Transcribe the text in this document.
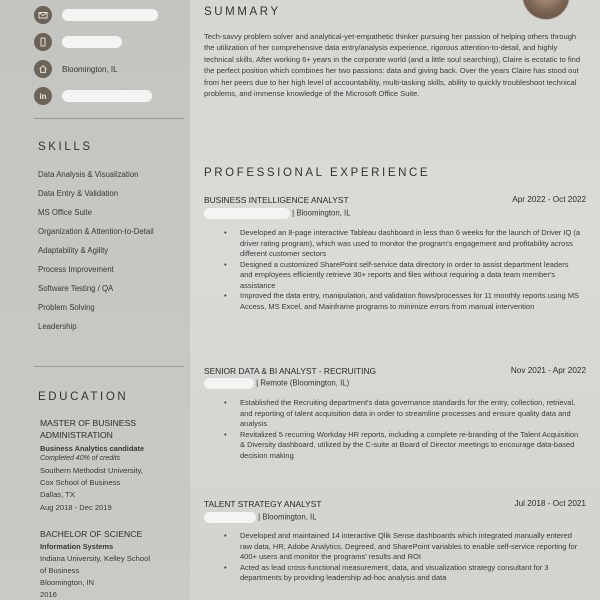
Bloomington, IL
in
SKILLS
Data Analysis & Visualization
Data Entry & Validation
MS Office Suite
Organization & Attention-to-Detail
Adaptability & Agility
Process Improvement
Software Testing / QA
Problem Solving
Leadership
EDUCATION
MASTER OF BUSINESS
ADMINISTRATION
Business Analytics candidate
Completed 40% of credits
Southern Methodist University,
Cox School of Business
Dallas, TX
Aug 2018 - Dec 2019
BACHELOR OF SCIENCE
Information Systems
Indiana University, Kelley School
of Business
Bloomington, IN
2016
SUMMARY
Tech-savvy problem solver and analytical-yet-empathetic thinker pursuing her passion of helping others through the utilization of her comprehensive data entry/analysis experience, rigorous attention-to-detail, and highly technical skills. After working 6+ years in the corporate world (and a little soul searching), Claire is ecstatic to find the perfect position which combines her two passions: data and giving back. Over the years Claire has stood out from her peers due to her high level of accountability, multi-tasking skills, ability to quickly troubleshoot technical problems, and immense knowledge of the Microsoft Office Suite.
PROFESSIONAL EXPERIENCE
BUSINESS INTELLIGENCE ANALYST	Apr 2022 - Oct 2022
| Bloomington, IL
• Developed an 8-page interactive Tableau dashboard in less than 6 weeks for the launch of Driver IQ (a driver rating program), which was used to monitor the program's engagement and profitability across different customer sectors
• Designed a customized SharePoint self-service data directory in order to assist department leaders and employees efficiently retrieve 30+ reports and files without requiring a data team member's assistance
• Improved the data entry, manipulation, and validation flows/processes for 11 monthly reports using MS Access, MS Excel, and Mainframe programs to minimize errors from manual intervention
SENIOR DATA & BI ANALYST - RECRUITING	Nov 2021 - Apr 2022
| Remote (Bloomington, IL)
• Established the Recruiting department's data governance standards for the entry, collection, retrieval, and reporting of talent acquisition data in order to streamline processes and ensure quality data and analysis
• Revitalized 5 recurring Workday HR reports, including a complete re-branding of the Talent Acquisition & Diversity dashboard, utilized by the C-suite at Board of Director meetings to encourage data-based decision making
TALENT STRATEGY ANALYST	Jul 2018 - Oct 2021
| Bloomington, IL
• Developed and maintained 14 interactive Qlik Sense dashboards which integrated manually entered raw data, HR, Adobe Analytics, Degreed, and SharePoint variables to enable self-service reporting for 400+ users and monitor the programs' results and ROI
• Acted as lead cross-functional measurement, data, and visualization strategy consultant for 3 departments by providing leadership ad-hoc analysis and data
